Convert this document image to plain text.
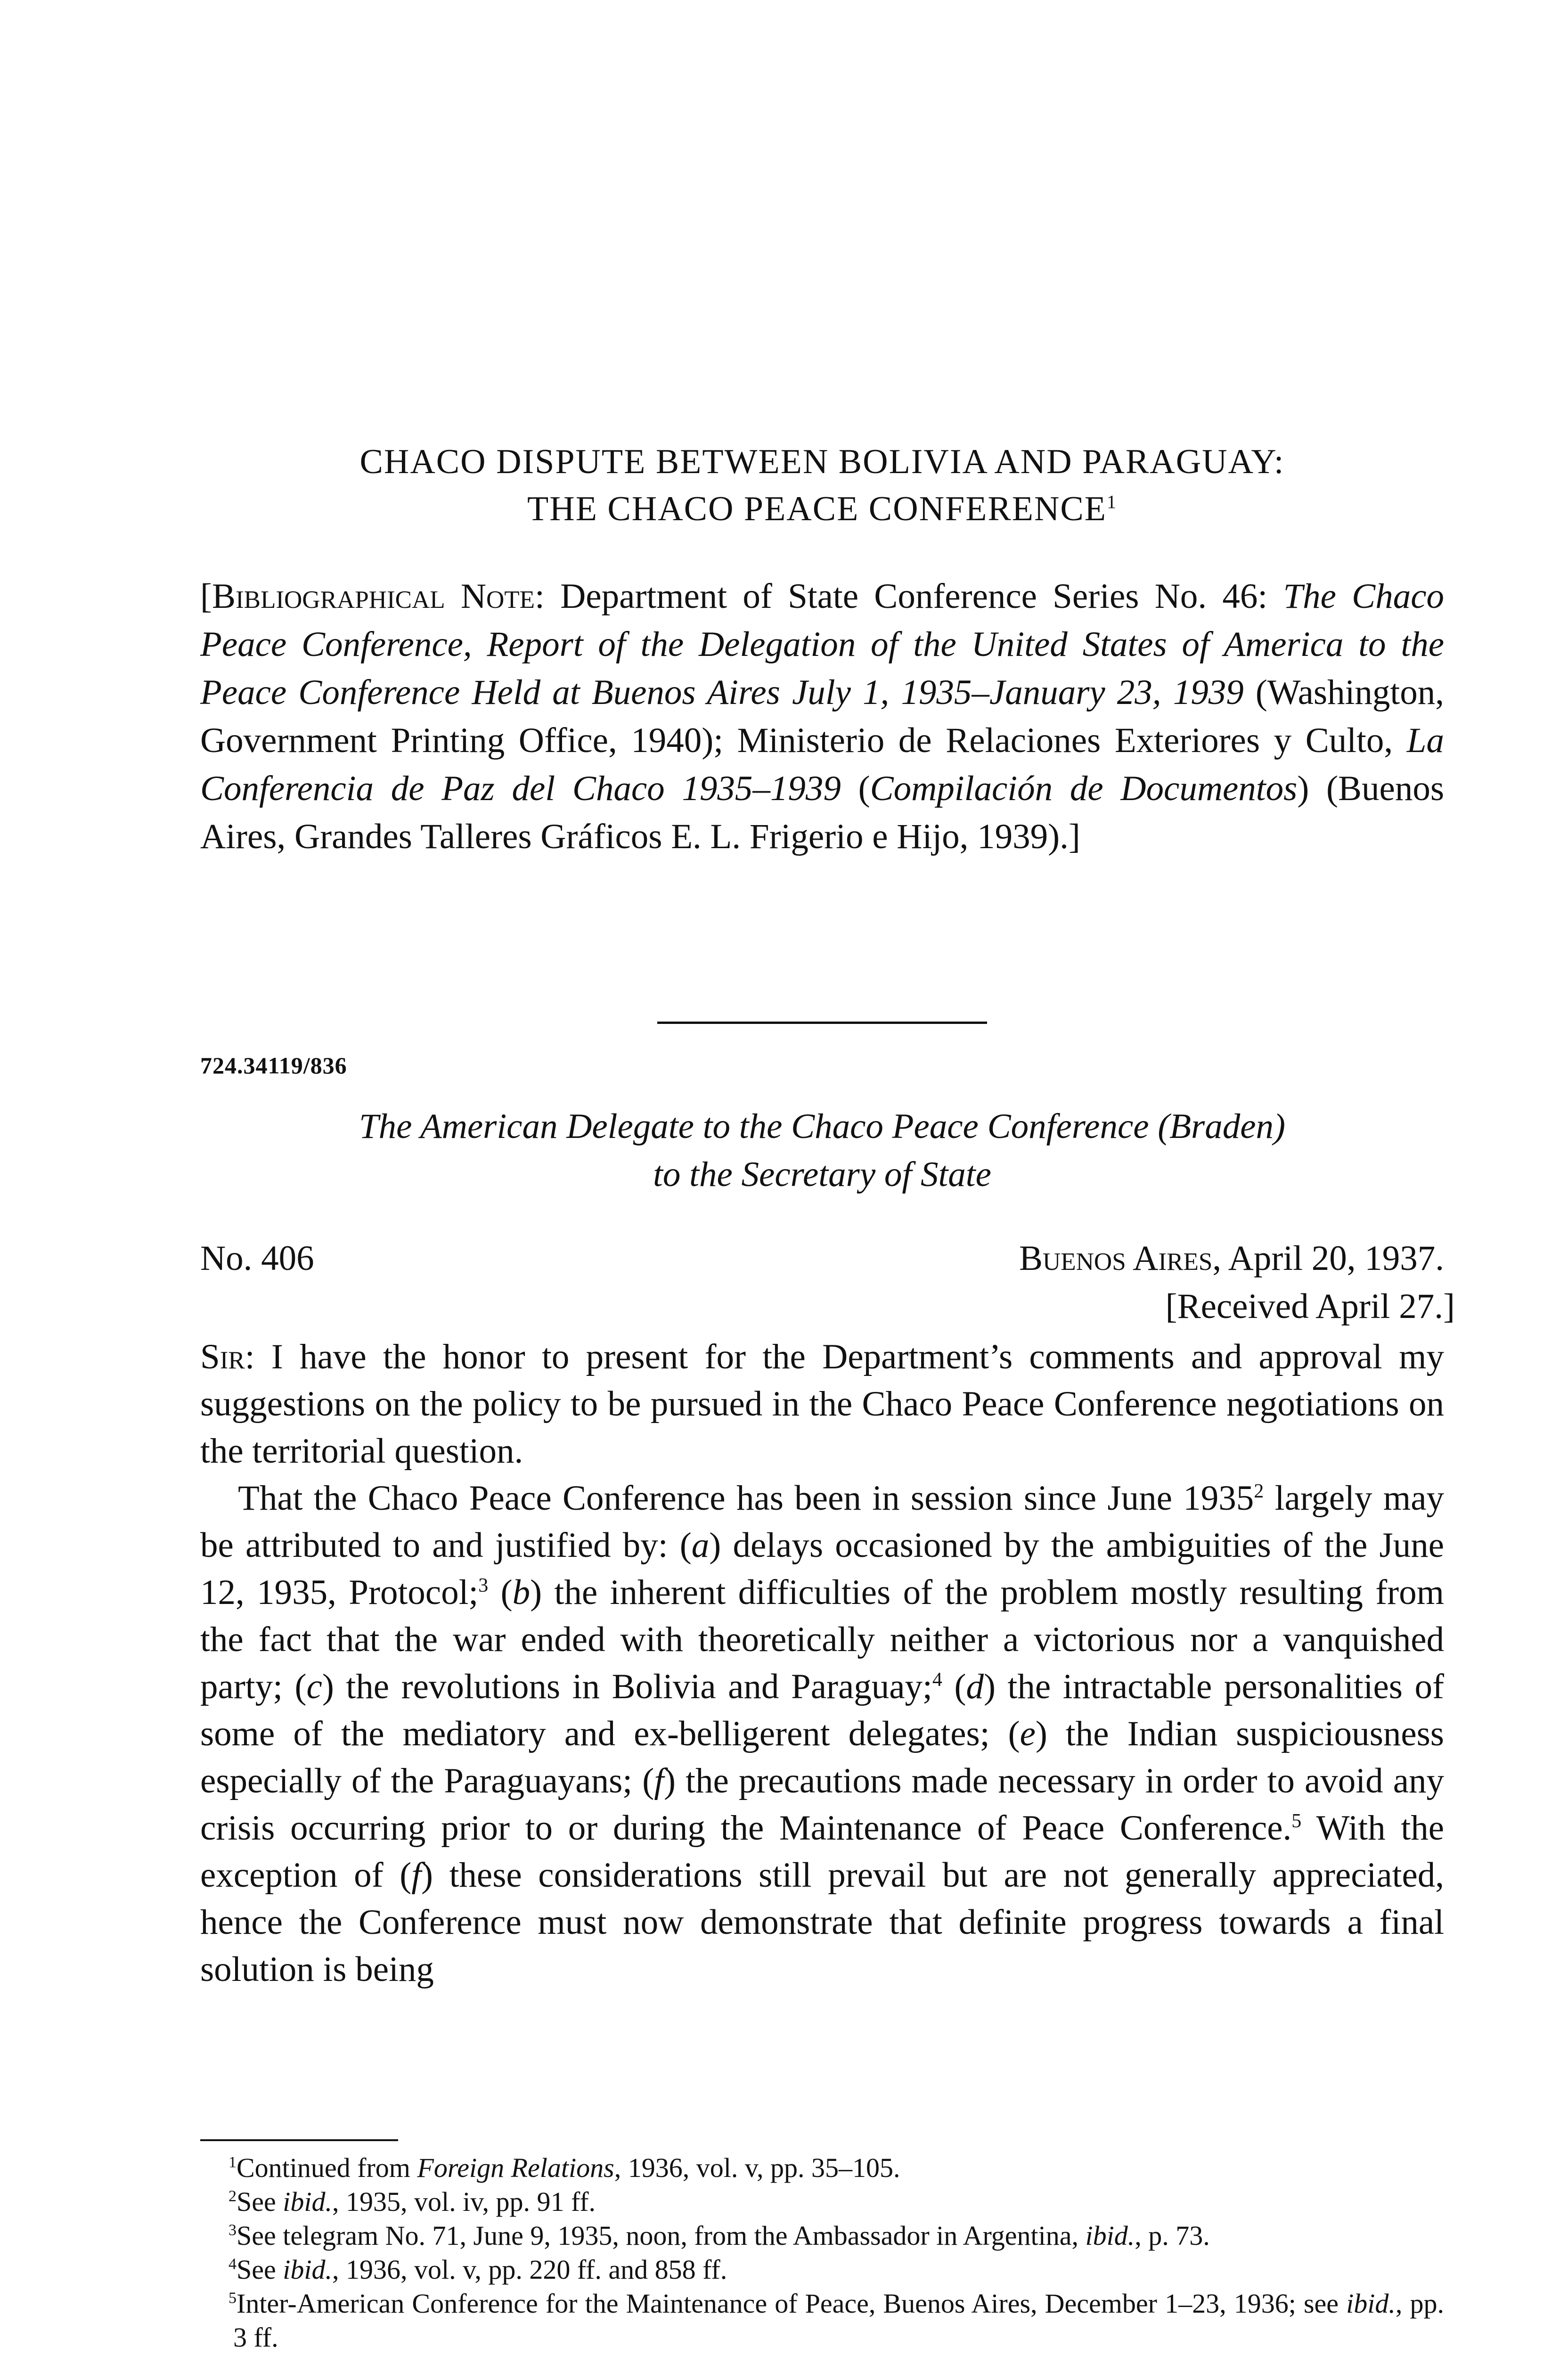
CHACO DISPUTE BETWEEN BOLIVIA AND PARAGUAY:
THE CHACO PEACE CONFERENCE$^1$
[Bibliographical Note: Department of State Conference Series No. 46: The Chaco Peace Conference, Report of the Delegation of the United States of America to the Peace Conference Held at Buenos Aires July 1, 1935–January 23, 1939 (Washington, Government Printing Office, 1940); Ministerio de Relaciones Exteriores y Culto, La Conferencia de Paz del Chaco 1935–1939 (Compilación de Documentos) (Buenos Aires, Grandes Talleres Gráficos E. L. Frigerio e Hijo, 1939).]
724.34119/836
The American Delegate to the Chaco Peace Conference (Braden)
to the Secretary of State
No. 406	Buenos Aires, April 20, 1937.
[Received April 27.]

Sir: I have the honor to present for the Department’s comments and approval my suggestions on the policy to be pursued in the Chaco Peace Conference negotiations on the territorial question.

That the Chaco Peace Conference has been in session since June 1935$^2$ largely may be attributed to and justified by: (a) delays occasioned by the ambiguities of the June 12, 1935, Protocol;$^3$ (b) the inherent difficulties of the problem mostly resulting from the fact that the war ended with theoretically neither a victorious nor a vanquished party; (c) the revolutions in Bolivia and Paraguay;$^4$ (d) the intractable personalities of some of the mediatory and ex-belligerent delegates; (e) the Indian suspiciousness especially of the Paraguayans; (f) the precautions made necessary in order to avoid any crisis occurring prior to or during the Maintenance of Peace Conference.$^5$ With the exception of (f) these considerations still prevail but are not generally appreciated, hence the Conference must now demonstrate that definite progress towards a final solution is being

$^1$Continued from Foreign Relations, 1936, vol. v, pp. 35–105.

$^2$See ibid., 1935, vol. iv, pp. 91 ff.

$^3$See telegram No. 71, June 9, 1935, noon, from the Ambassador in Argentina, ibid., p. 73.

$^4$See ibid., 1936, vol. v, pp. 220 ff. and 858 ff.

$^5$Inter-American Conference for the Maintenance of Peace, Buenos Aires, December 1–23, 1936; see ibid., pp. 3 ff.
